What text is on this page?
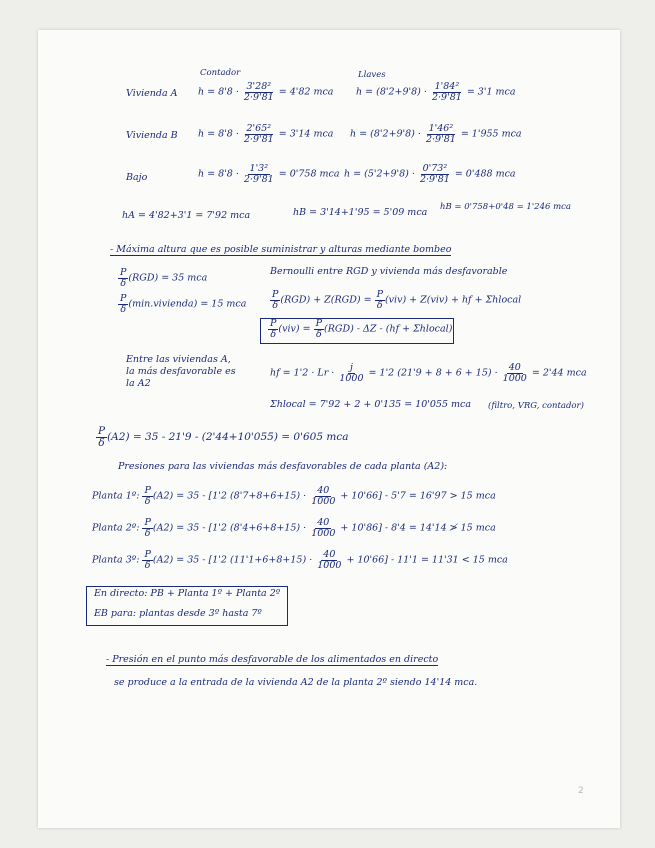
Contador	Llaves
Vivienda A $h = 8'8 \cdot \frac{\text{3'28²}}{2\cdot 9'81} = 4'82$ mca $h = (8'2+9'8) \cdot \frac{\text{1'84²}}{2\cdot 9'81} = 3'1$ mca
Vivienda B $h = 8'8 \cdot \frac{\text{2'65²}}{2\cdot 9'81} = 3'14$ mca $h = (8'2+9'8) \cdot \frac{\text{1'46²}}{2\cdot 9'81} = 1'955$ mca
Bajo	$h = 8'8 \cdot \frac{\text{1'3²}}{2\cdot 9'81} = 0'758$ mca $h = (5'2+9'8) \cdot \frac{\text{0'73²}}{2\cdot 9'81} = 0'488$ mca
hA = 4'82+3'1 = 7'92 mca	hB = 3'14+1'95 = 5'09 mca hB = 0'758+0'48 = 1'246 mca
- Máxima altura que es posible suministrar y alturas mediante bombeo
$\frac{P}{\delta} (RGD) = 35$ mca
$\frac{P}{\delta}$ (min.vivienda) = 15 mca
Bernoulli entre RGD y vivienda más desfavorable
$\frac{P}{\delta} (RGD) + Z(RGD) = \frac{P}{\delta} (viv) + Z(viv)$ + hf + Σhlocal
$\frac{P}{\delta} (viv) = \frac{P}{\delta} (RGD) - \Delta Z - (hf$ + Σhlocal)
Entre las viviendas A,
la más desfavorable es
la A2
hf = $1'2 \cdot Lr \cdot \frac{j}{1000} = 1'2$ $(21'9 + 8 + 6 + 15) \cdot \frac{40}{1000} = 2'44$ mca
Σhlocal = 7'92 + 2 + 0'135 = 10'055 mca (filtro, VRG, contador)
$\frac{P}{\delta} (A2) = 35 - 21'9 - (2'44+10'055) = 0'605$ mca
Presiones para las viviendas más desfavorables de cada planta (A2):
Planta 1º: $\frac{P}{\delta} (A2) = 35 - [1'2$ $(8'7+8+6+15) \cdot \frac{40}{1000} + 10'66] - 5'7 = 16'97 > 15$ mca
Planta 2º: $\frac{P}{\delta} (A2) = 35 - [1'2$ $(8'4+6+8+15) \cdot \frac{40}{1000} + 10'86] - 8'4 = 14'14$ ≯ 15 mca
Planta 3º: $\frac{P}{\delta} (A2) = 35 - [1'2$ $(11'1+6+8+15) \cdot \frac{40}{1000} + 10'66] - 11'1 = 11'31 < 15$ mca
En directo: PB + Planta 1º + Planta 2º
EB para: plantas desde 3º hasta 7º
- Presión en el punto más desfavorable de los alimentados en directo
se produce a la entrada de la vivienda A2 de la planta 2º siendo 14'14 mca.
2
